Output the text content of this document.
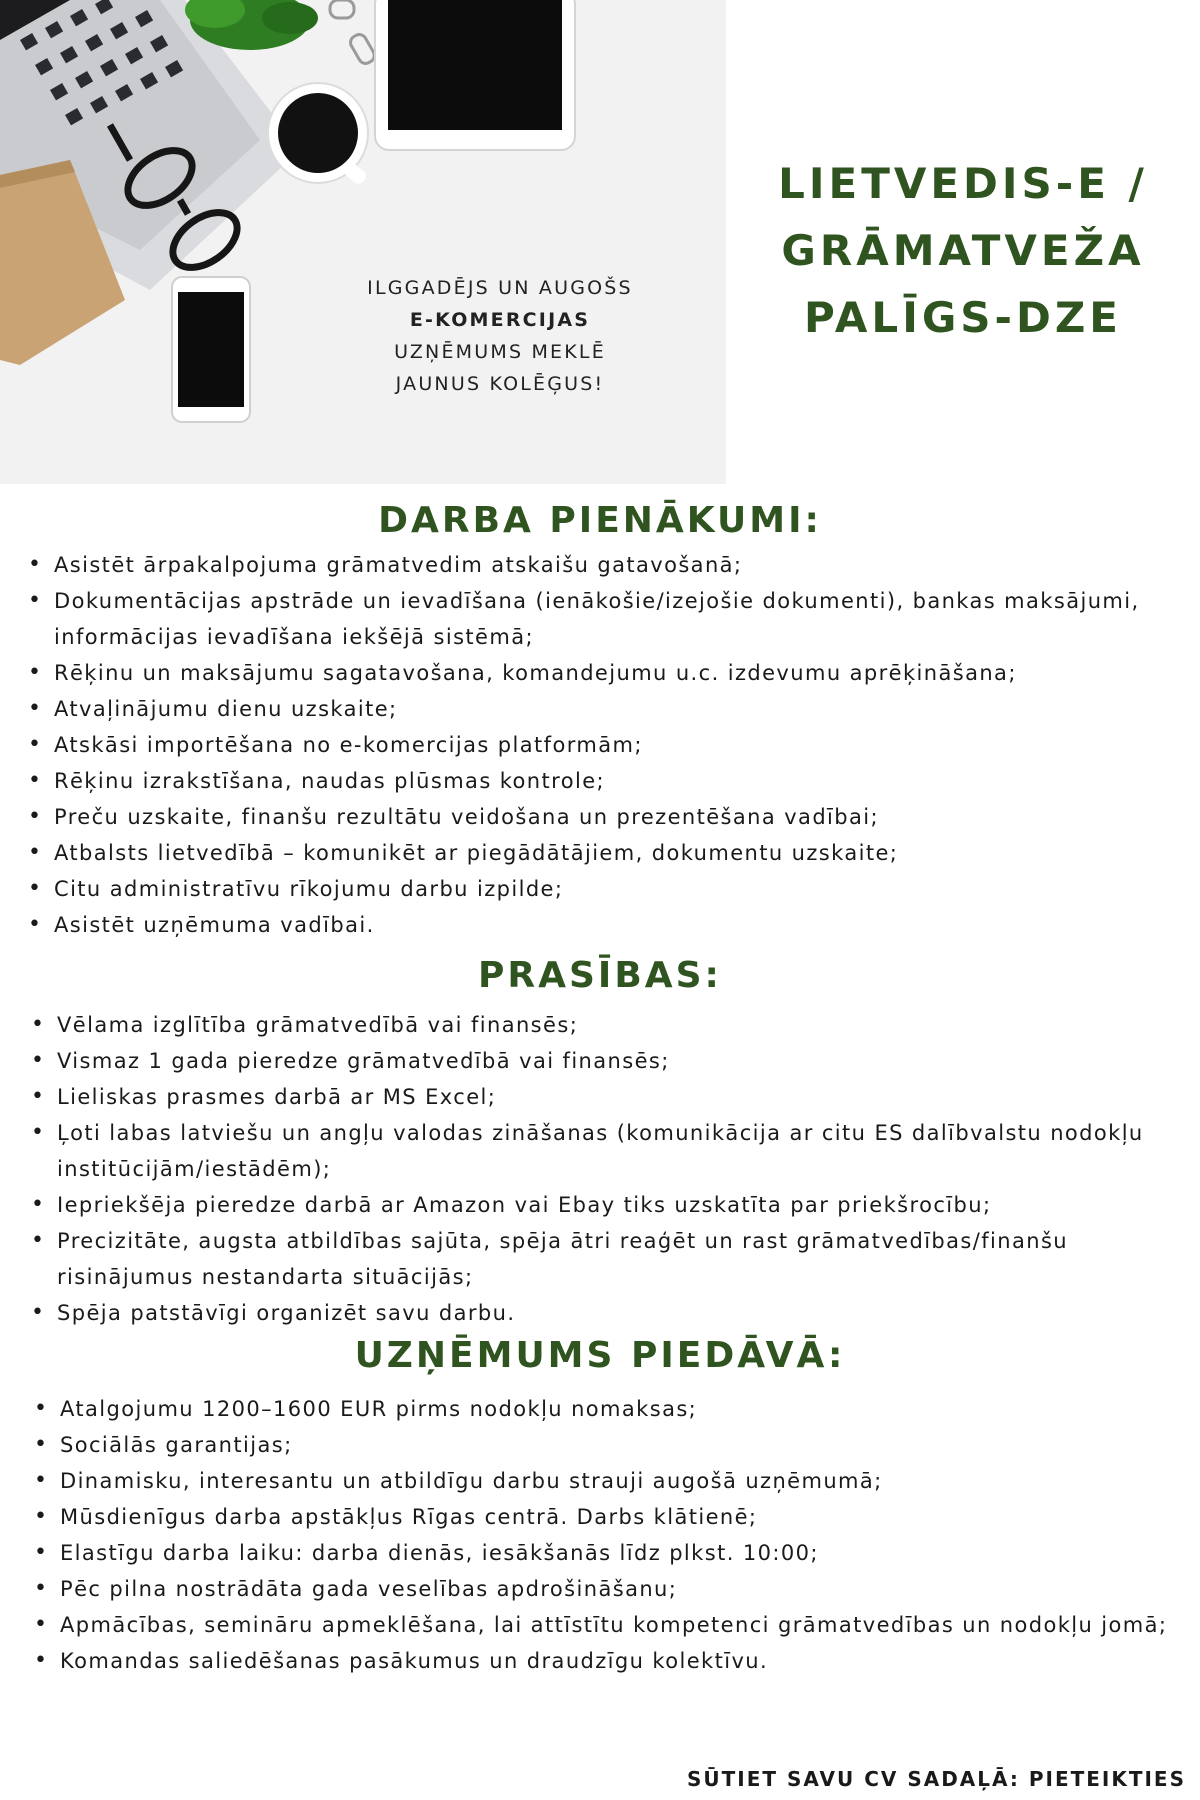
ILGGADĒJS UN AUGOŠS
E-KOMERCIJAS
UZŅĒMUMS MEKLĒ
JAUNUS KOLĒĢUS!
LIETVEDIS-E /
GRĀMATVEŽA
PALĪGS-DZE
DARBA PIENĀKUMI:
• Asistēt ārpakalpojuma grāmatvedim atskaišu gatavošanā;
• Dokumentācijas apstrāde un ievadīšana (ienākošie/izejošie dokumenti), bankas maksājumi, informācijas ievadīšana iekšējā sistēmā;
• Rēķinu un maksājumu sagatavošana, komandejumu u.c. izdevumu aprēķināšana;
• Atvaļinājumu dienu uzskaite;
• Atskāsi importēšana no e-komercijas platformām;
• Rēķinu izrakstīšana, naudas plūsmas kontrole;
• Preču uzskaite, finanšu rezultātu veidošana un prezentēšana vadībai;
• Atbalsts lietvedībā – komunikēt ar piegādātājiem, dokumentu uzskaite;
• Citu administratīvu rīkojumu darbu izpilde;
• Asistēt uzņēmuma vadībai.
PRASĪBAS:
• Vēlama izglītība grāmatvedībā vai finansēs;
• Vismaz 1 gada pieredze grāmatvedībā vai finansēs;
• Lieliskas prasmes darbā ar MS Excel;
• Ļoti labas latviešu un angļu valodas zināšanas (komunikācija ar citu ES dalībvalstu nodokļu institūcijām/iestādēm);
• Iepriekšēja pieredze darbā ar Amazon vai Ebay tiks uzskatīta par priekšrocību;
• Precizitāte, augsta atbildības sajūta, spēja ātri reaģēt un rast grāmatvedības/finanšu risinājumus nestandarta situācijās;
• Spēja patstāvīgi organizēt savu darbu.
UZŅĒMUMS PIEDĀVĀ:
• Atalgojumu 1200–1600 EUR pirms nodokļu nomaksas;
• Sociālās garantijas;
• Dinamisku, interesantu un atbildīgu darbu strauji augošā uzņēmumā;
• Mūsdienīgus darba apstākļus Rīgas centrā. Darbs klātienē;
• Elastīgu darba laiku: darba dienās, iesākšanās līdz plkst. 10:00;
• Pēc pilna nostrādāta gada veselības apdrošināšanu;
• Apmācības, semināru apmeklēšana, lai attīstītu kompetenci grāmatvedības un nodokļu jomā;
• Komandas saliedēšanas pasākumus un draudzīgu kolektīvu.
SŪTIET SAVU CV SADAĻĀ: PIETEIKTIES
